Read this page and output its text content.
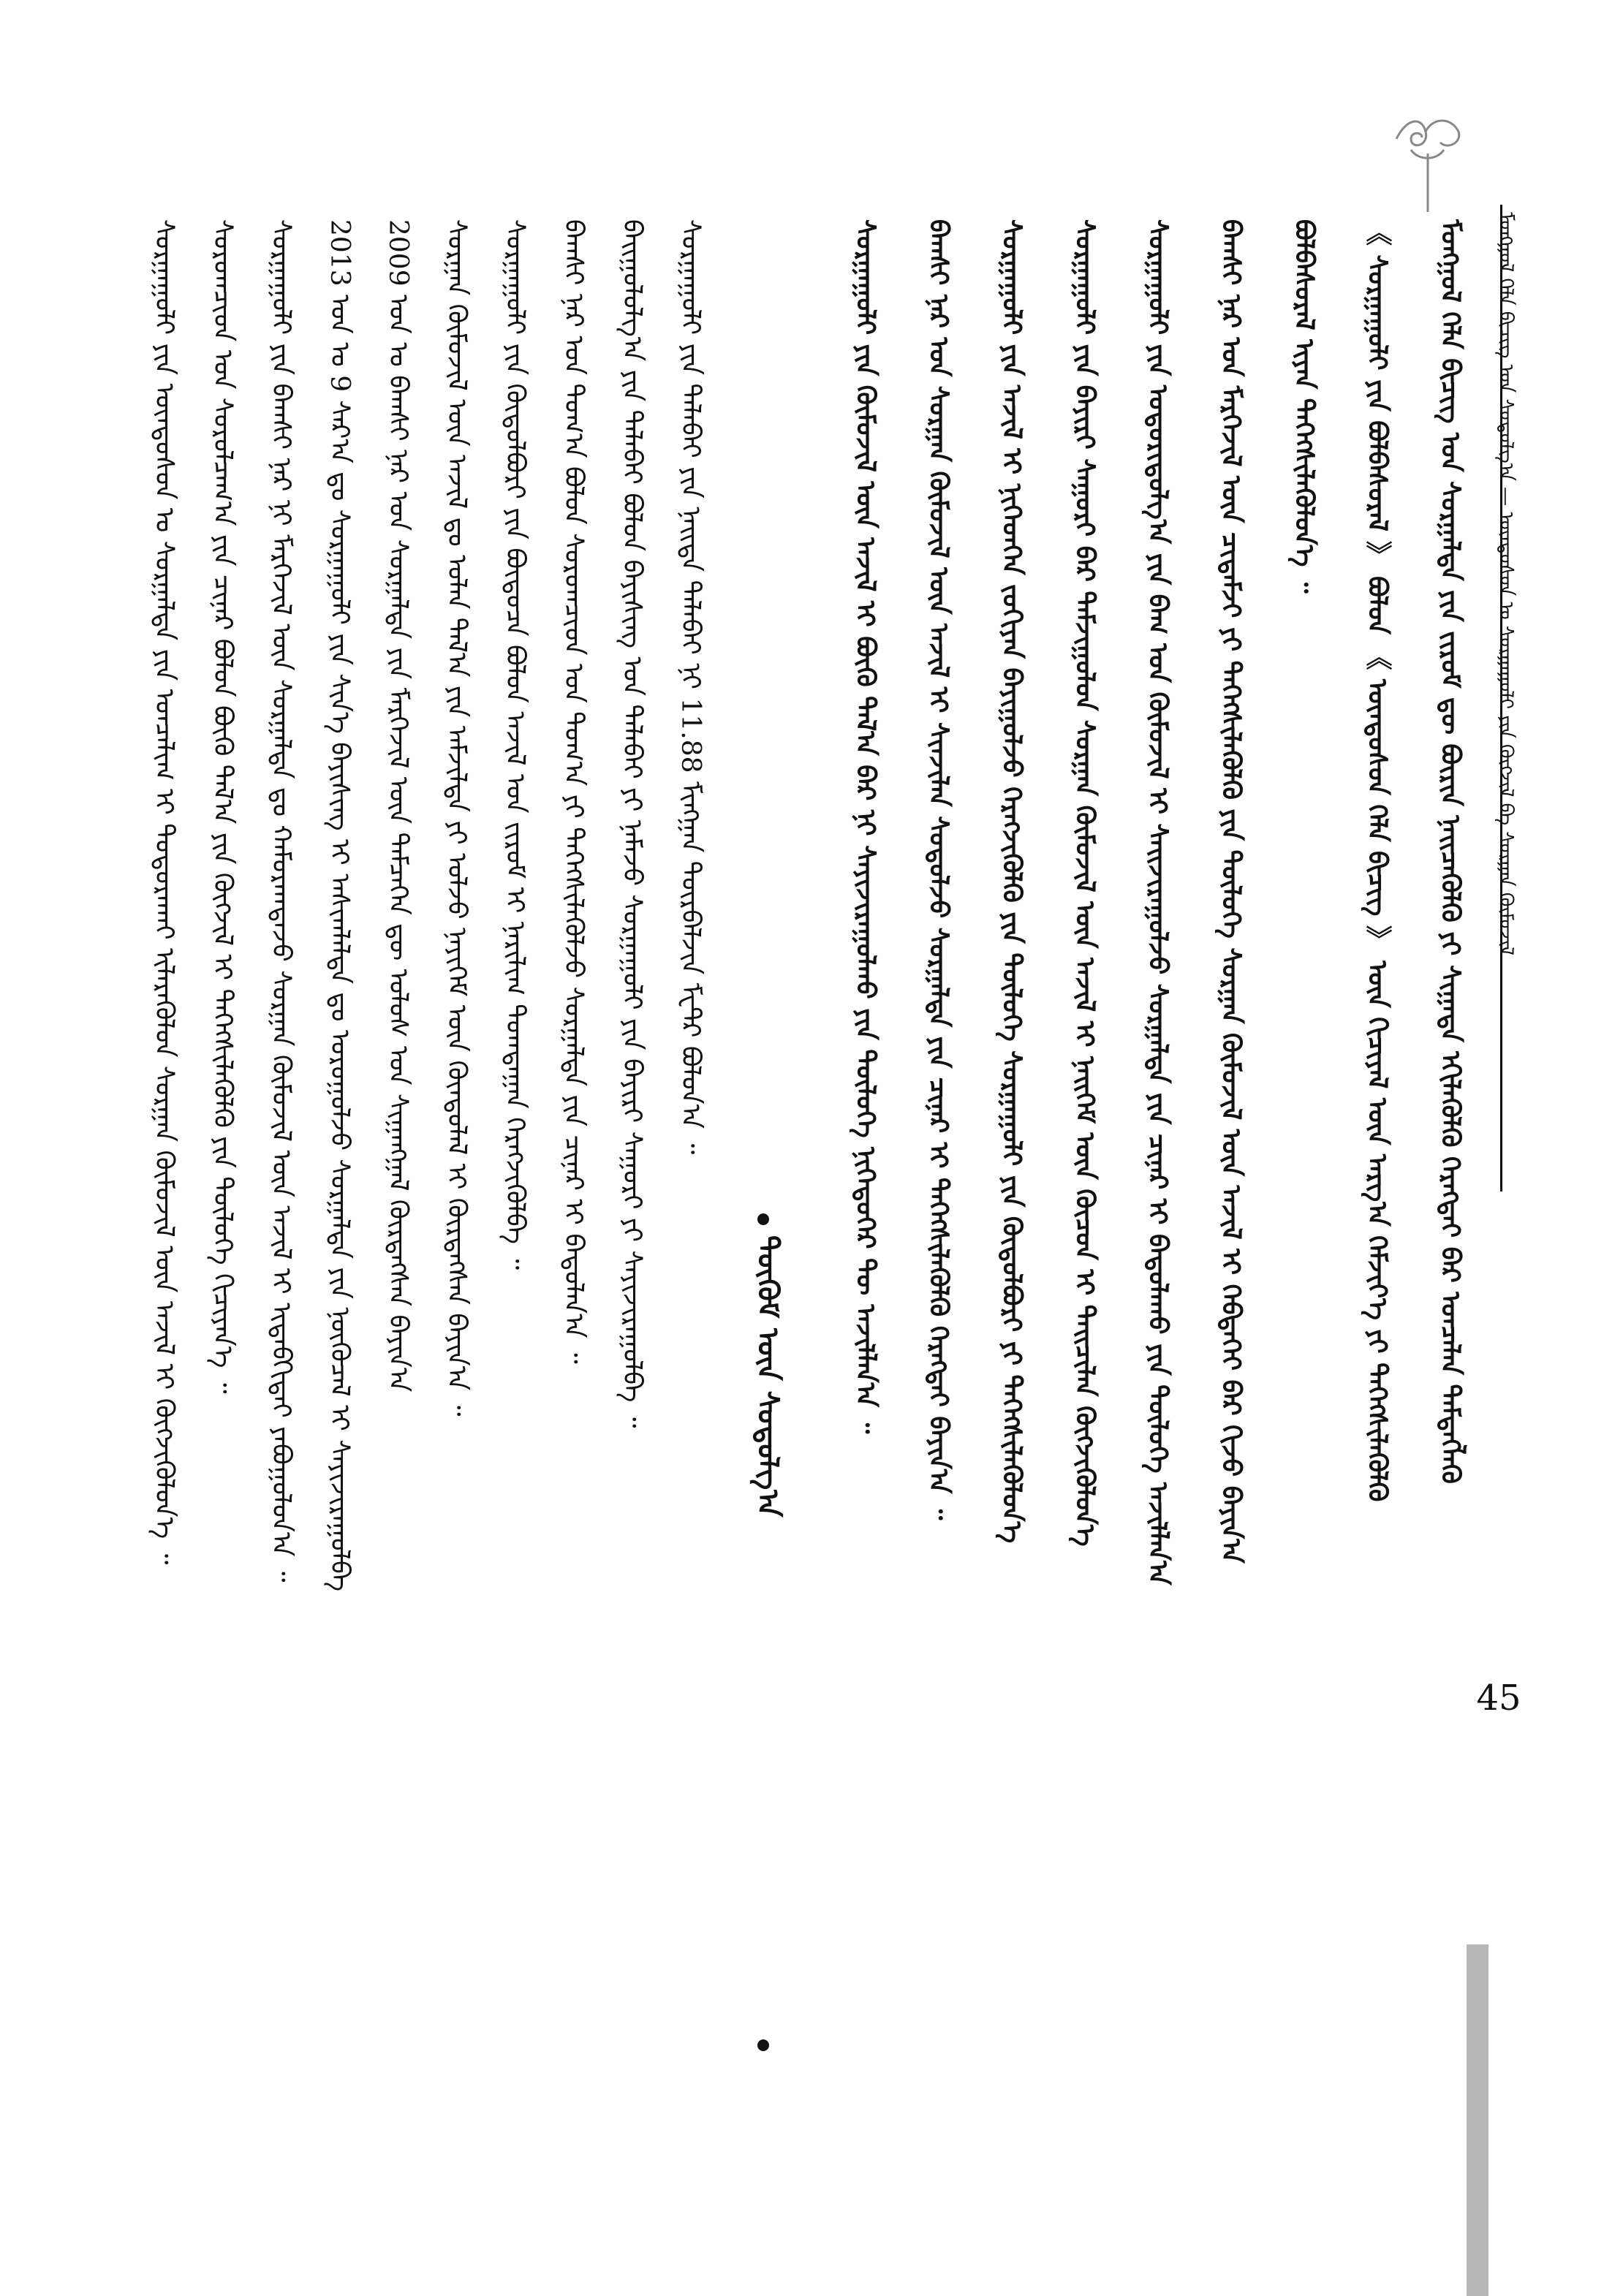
ᠮᠣᠩᠭᠣᠯ ᠬᠡᠯᠡ ᠪᠢᠴᠢᠭ ᠤᠨ ᠰᠤᠳᠤᠯᠭ᠎ᠠ — ᠦᠨᠳᠦᠰᠦᠨ ᠤ ᠰᠤᠷᠭᠠᠭᠤᠯᠢ ᠶᠢᠨ ᠬᠥᠭᠵᠢᠯ ᠪᠠ ᠰᠤᠷᠭᠠᠨ ᠬᠦᠮᠦᠵᠢᠯ
ᠮᠣᠩᠭᠣᠯ ᠬᠡᠯᠡ ᠪᠢᠴᠢᠭ ᠤᠨ ᠰᠤᠷᠭᠠᠯᠲᠠ ᠶᠢᠨ ᠵᠢᠷᠤᠮ ᠳᠦ ᠪᠦᠷᠢᠨ ᠨᠡᠢᠴᠡᠭᠦᠯᠬᠦ ᠶᠢ ᠰᠢᠭᠠᠳᠠ ᠡᠬᠢᠯᠡᠭᠦᠯᠬᠦ ᠬᠡᠷᠡᠭᠲᠡᠢ ᠪᠡᠷ ᠣᠨᠴᠠᠯᠠᠨ ᠲᠡᠮᠳᠡᠭᠯᠡᠬᠦ
《 ᠰᠤᠷᠭᠠᠭᠤᠯᠢ ᠶᠢᠨ ᠪᠣᠯᠪᠠᠰᠤᠷᠠᠯ 》 ᠪᠣᠯᠤᠨ 《 ᠦᠨᠳᠦᠰᠦᠨ ᠬᠡᠯᠡ ᠪᠢᠴᠢᠭ 》 ᠦᠨ ᠬᠢᠴᠢᠶᠡᠯ ᠦᠨ ᠠᠷᠭ᠎ᠠ ᠬᠡᠮᠵᠢᠶ᠎ᠡ ᠶᠢ ᠳᠡᠭᠡᠭᠰᠢᠯᠡᠭᠦᠯᠬᠦ
ᠪᠣᠯᠪᠠᠰᠤᠷᠠᠯ ᠢᠶᠠᠨ ᠳᠡᠭᠡᠭᠰᠢᠯᠡᠭᠦᠯᠦᠨ᠎ᠡ ᠃
ᠪᠠᠭᠰᠢ ᠨᠠᠷ ᠤᠨ ᠮᠡᠷᠭᠡᠵᠢᠯ ᠦᠨ ᠴᠢᠳᠠᠮᠵᠢ ᠶᠢ ᠳᠡᠭᠡᠭᠰᠢᠯᠡᠭᠦᠯᠬᠦ ᠶᠢᠨ ᠲᠥᠯᠦᠭᠡ ᠰᠤᠷᠭᠠᠨ ᠬᠦᠮᠦᠵᠢᠯ ᠦᠨ ᠠᠵᠢᠯ ᠢ ᠬᠡᠪᠲᠡᠭᠡᠢ ᠪᠡᠷ ᠬᠢᠵᠦ ᠪᠠᠶᠢᠨ᠎ᠠ
ᠰᠤᠷᠭᠠᠭᠤᠯᠢ ᠶᠢᠨ ᠤᠳᠤᠷᠢᠳᠤᠯᠭ᠎ᠠ ᠶᠢᠨ ᠪᠠᠭ ᠤᠨ ᠬᠦᠮᠦᠵᠢᠯ ᠢ ᠰᠠᠢᠵᠢᠷᠠᠭᠤᠯᠵᠤ ᠰᠤᠷᠭᠠᠯᠲᠠ ᠶᠢᠨ ᠴᠢᠨᠠᠷ ᠢ ᠪᠠᠲᠤᠯᠠᠬᠤ ᠶᠢᠨ ᠲᠥᠯᠦᠭᠡ ᠠᠵᠢᠯᠯᠠᠨ᠎ᠠ
ᠰᠤᠷᠭᠠᠭᠤᠯᠢ ᠶᠢᠨ ᠪᠠᠶᠢᠷᠢ ᠰᠠᠭᠤᠷᠢ ᠪᠠᠷ ᠳᠠᠮᠵᠢᠭᠤᠯᠤᠨ ᠰᠤᠷᠭᠠᠨ ᠬᠦᠮᠦᠵᠢᠯ ᠦᠨ ᠠᠵᠢᠯ ᠢ ᠨᠡᠢᠭᠡᠮ ᠦᠨ ᠬᠦᠴᠦᠨ ᠢ ᠳᠠᠢᠴᠢᠯᠠᠨ ᠬᠥᠭᠵᠢᠭᠦᠯᠦᠨ᠎ᠡ
ᠰᠤᠷᠭᠠᠭᠤᠯᠢ ᠶᠢᠨ ᠠᠵᠢᠯ ᠢ ᠨᠢᠭᠡᠳᠬᠡᠨ ᠵᠣᠬᠢᠶᠠᠨ ᠪᠠᠶᠢᠭᠤᠯᠵᠤ ᠬᠡᠷᠡᠭᠵᠢᠭᠦᠯᠬᠦ ᠶᠢᠨ ᠲᠥᠯᠦᠭᠡ ᠰᠤᠷᠭᠠᠭᠤᠯᠢ ᠶᠢᠨ ᠬᠥᠲᠦᠯᠪᠦᠷᠢ ᠶᠢ ᠳᠡᠭᠡᠭᠰᠢᠯᠡᠭᠦᠯᠦᠨ᠎ᠡ
ᠪᠠᠭᠰᠢ ᠨᠠᠷ ᠤᠨ ᠰᠤᠷᠭᠠᠨ ᠬᠦᠮᠦᠵᠢᠯ ᠦᠨ ᠠᠵᠢᠯ ᠢ ᠰᠢᠨᠵᠢᠯᠡᠨ ᠰᠤᠳᠤᠯᠵᠤ ᠰᠤᠷᠭᠠᠯᠲᠠ ᠶᠢᠨ ᠴᠢᠨᠠᠷ ᠢ ᠳᠡᠭᠡᠭᠰᠢᠯᠡᠭᠦᠯᠬᠦ ᠬᠡᠷᠡᠭᠲᠡᠢ ᠪᠠᠶᠢᠨ᠎ᠠ ᠃
ᠰᠤᠷᠭᠠᠭᠤᠯᠢ ᠶᠢᠨ ᠬᠦᠮᠦᠵᠢᠯ ᠦᠨ ᠠᠵᠢᠯ ᠢ ᠪᠦᠬᠦ ᠲᠠᠯ᠎ᠠ ᠪᠠᠷ ᠨᠢ ᠰᠠᠶᠢᠵᠢᠷᠠᠭᠤᠯᠬᠤ ᠶᠢᠨ ᠲᠥᠯᠦᠭᠡ ᠨᠢᠭᠡᠳᠦᠭᠡᠷ ᠲᠦ ᠠᠵᠢᠯᠯᠠᠨ᠎ᠠ ᠃
ᠳᠦᠭᠦᠮ ᠦᠨ ᠰᠤᠳᠤᠯᠭ᠎ᠠ
ᠰᠤᠷᠭᠠᠭᠤᠯᠢ ᠶᠢᠨ ᠲᠠᠯᠠᠪᠠᠢ ᠶᠢᠨ ᠨᠡᠢᠲᠡ ᠲᠠᠯᠠᠪᠠᠢ ᠨᠢ 11.88 ᠮᠢᠩᠭᠠᠨ ᠳᠥᠷᠪᠡᠯᠵᠢᠨ ᠮᠧᠲ᠋ᠷ ᠪᠣᠯᠤᠨ᠎ᠠ ᠃
ᠪᠠᠢᠭᠤᠯᠤᠯᠭ᠎ᠠ ᠶᠢᠨ ᠲᠠᠯᠠᠪᠠᠢ ᠪᠣᠯᠤᠨ ᠪᠠᠶᠢᠰᠢᠩ ᠤᠨ ᠲᠠᠯᠠᠪᠠᠢ ᠶᠢ ᠨᠡᠮᠡᠵᠦ ᠰᠤᠷᠭᠠᠭᠤᠯᠢ ᠶᠢᠨ ᠪᠠᠶᠢᠷᠢ ᠰᠠᠭᠤᠷᠢ ᠶᠢ ᠰᠠᠶᠢᠵᠢᠷᠠᠭᠤᠯᠪᠠ ᠃
ᠪᠠᠭᠰᠢ ᠨᠠᠷ ᠤᠨ ᠲᠣᠭ᠎ᠠ ᠪᠣᠯᠤᠨ ᠰᠤᠷᠤᠭᠴᠢᠳ ᠤᠨ ᠲᠣᠭ᠎ᠠ ᠶᠢ ᠳᠡᠭᠡᠭᠰᠢᠯᠡᠭᠦᠯᠵᠦ ᠰᠤᠷᠭᠠᠯᠲᠠ ᠶᠢᠨ ᠴᠢᠨᠠᠷ ᠢ ᠪᠠᠲᠤᠯᠠᠨ᠎ᠠ ᠃
ᠰᠤᠷᠭᠠᠭᠤᠯᠢ ᠶᠢᠨ ᠬᠥᠲᠦᠯᠪᠦᠷᠢ ᠶᠢᠨ ᠪᠦᠲᠦᠴᠡ ᠪᠣᠯᠤᠨ ᠠᠵᠢᠯ ᠤᠨ ᠵᠢᠷᠤᠮ ᠢ ᠨᠠᠷᠢᠯᠢᠭ ᠲᠣᠭᠲᠠᠭᠠᠨ ᠬᠡᠷᠡᠭᠵᠢᠭᠦᠯᠪᠡ ᠃
ᠰᠤᠷᠭᠠᠨ ᠬᠦᠮᠦᠵᠢᠯ ᠦᠨ ᠠᠵᠢᠯ ᠳᠤ ᠣᠯᠠᠨ ᠲᠠᠯ᠎ᠠ ᠶᠢᠨ ᠠᠮᠵᠢᠯᠲᠠ ᠶᠢ ᠣᠯᠵᠤ ᠨᠡᠶᠢᠭᠡᠮ ᠦᠨ ᠬᠦᠨᠳᠦᠯᠡᠯ ᠢ ᠬᠦᠷᠲᠡᠭᠰᠡᠨ ᠪᠠᠶᠢᠨ᠎ᠠ ᠃
2009 ᠣᠨ ᠤ ᠪᠠᠭᠰᠢ ᠨᠠᠷ ᠤᠨ ᠰᠤᠷᠭᠠᠯᠲᠠ ᠶᠢᠨ ᠮᠡᠷᠭᠡᠵᠢᠯ ᠦᠨ ᠲᠡᠮᠴᠡᠭᠡᠨ ᠳᠦ ᠤᠯᠤᠰ ᠤᠨ ᠰᠢᠭᠠᠩᠭᠠᠯ ᠬᠦᠷᠲᠡᠭᠰᠡᠨ ᠪᠠᠶᠢᠨ᠎ᠠ
2013 ᠣᠨ ᠤ 9 ᠰᠠᠷ᠎ᠠ ᠳᠤ ᠰᠤᠷᠭᠠᠭᠤᠯᠢ ᠶᠢᠨ ᠰᠢᠨ᠎ᠡ ᠪᠠᠶᠢᠰᠢᠩ ᠢ ᠠᠰᠢᠭᠯᠠᠯᠲᠠ ᠳᠤ ᠣᠷᠤᠭᠤᠯᠵᠤ ᠰᠤᠷᠭᠠᠯᠲᠠ ᠶᠢᠨ ᠨᠥᠬᠦᠴᠡᠯ ᠢ ᠰᠠᠶᠢᠵᠢᠷᠠᠭᠤᠯᠪᠠ
ᠰᠤᠷᠭᠠᠭᠤᠯᠢ ᠶᠢᠨ ᠪᠠᠭᠰᠢ ᠨᠠᠷ ᠨᠢ ᠮᠡᠷᠭᠡᠵᠢᠯ ᠦᠨ ᠰᠤᠷᠭᠠᠯᠲᠠ ᠳᠤ ᠬᠠᠮᠤᠷᠠᠭᠳᠠᠵᠤ ᠰᠤᠷᠭᠠᠨ ᠬᠦᠮᠦᠵᠢᠯ ᠦᠨ ᠠᠵᠢᠯ ᠢ ᠢᠳᠡᠪᠬᠢᠲᠡᠢ ᠶᠠᠪᠤᠭᠤᠯᠤᠨ᠎ᠠ ᠃
ᠰᠤᠷᠤᠭᠴᠢᠳ ᠤᠨ ᠰᠤᠷᠤᠯᠴᠠᠭ᠎ᠠ ᠶᠢᠨ ᠴᠢᠨᠠᠷ ᠪᠣᠯᠤᠨ ᠪᠦᠬᠦ ᠲᠠᠯ᠎ᠠ ᠶᠢᠨ ᠬᠥᠭᠵᠢᠯ ᠢ ᠳᠡᠭᠡᠭᠰᠢᠯᠡᠭᠦᠯᠬᠦ ᠶᠢᠨ ᠲᠥᠯᠦᠭᠡ ᠬᠢᠴᠢᠶᠡᠨ᠎ᠡ ᠃
ᠰᠤᠷᠭᠠᠭᠤᠯᠢ ᠶᠢᠨ ᠦᠨᠳᠦᠰᠦᠨ ᠤ ᠰᠤᠷᠭᠠᠯᠲᠠ ᠶᠢᠨ ᠣᠨᠴᠠᠯᠢᠭ ᠢ ᠲᠣᠳᠤᠷᠠᠬᠠᠶ ᠢᠯᠡᠷᠡᠭᠦᠯᠦᠨ ᠰᠤᠷᠭᠠᠨ ᠬᠦᠮᠦᠵᠢᠯ ᠦᠨ ᠠᠵᠢᠯ ᠢ ᠬᠥᠭᠵᠢᠭᠦᠯᠦᠨ᠎ᠡ ᠃
45
